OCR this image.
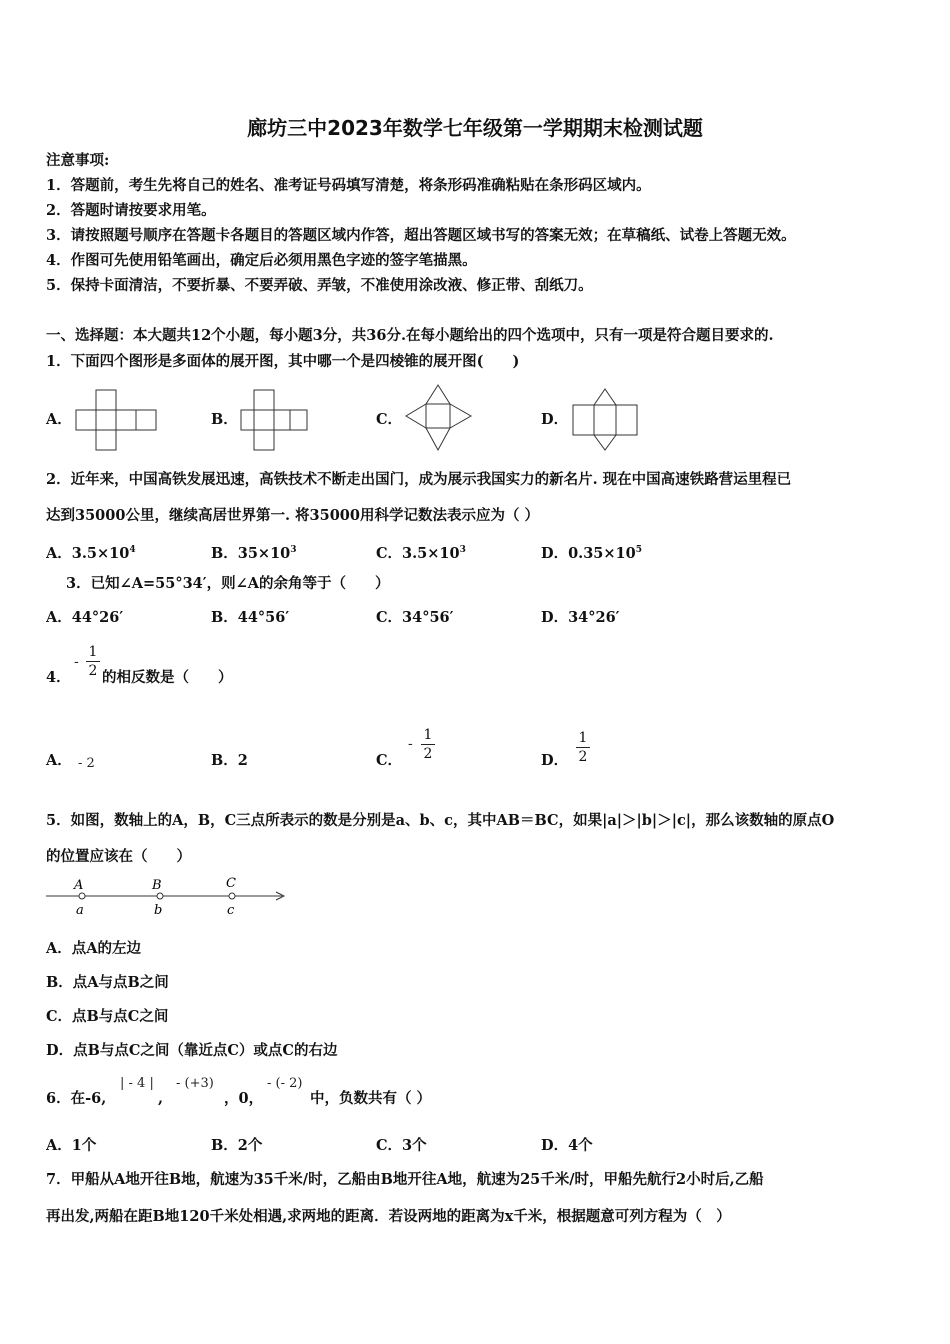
廊坊三中2023年数学七年级第一学期期末检测试题
注意事项:
1．答题前，考生先将自己的姓名、准考证号码填写清楚，将条形码准确粘贴在条形码区域内。
2．答题时请按要求用笔。
3．请按照题号顺序在答题卡各题目的答题区域内作答，超出答题区域书写的答案无效；在草稿纸、试卷上答题无效。
4．作图可先使用铅笔画出，确定后必须用黑色字迹的签字笔描黑。
5．保持卡面清洁，不要折暴、不要弄破、弄皱，不准使用涂改液、修正带、刮纸刀。
一、选择题：本大题共12个小题，每小题3分，共36分.在每小题给出的四个选项中，只有一项是符合题目要求的.
1．下面四个图形是多面体的展开图，其中哪一个是四棱锥的展开图(　　)
A．	B．	C．	D．
2．近年来，中国高铁发展迅速，高铁技术不断走出国门，成为展示我国实力的新名片. 现在中国高速铁路营运里程已
达到35000公里，继续高居世界第一. 将35000用科学记数法表示应为（ ）
A．$3.5\times 10^4$	B．$35\times 10^3$	C．$3.5\times 10^3$	D．$0.35\times 10^5$
3．已知∠A=55°34′，则∠A的余角等于（　　）
A．44°26′	B．44°56′	C．34°56′	D．34°26′
4．
-
1
2 的相反数是（　　）
A． - 2	B．2	C．
-
1
2	D．
1
2
5．如图，数轴上的A，B，C三点所表示的数是分别是a、b、c，其中AB＝BC，如果|a|＞|b|＞|c|，那么该数轴的原点O
的位置应该在（　　）
A	B	C
a	b	c
A．点A的左边
B．点A与点B之间
C．点B与点C之间
D．点B与点C之间（靠近点C）或点C的右边
6．在-6,
| - 4 |
,
- (+3)
，0，
- (- 2)
中，负数共有（ ）
A．1个	B．2个	C．3个	D．4个
7．甲船从A地开往B地，航速为35千米/时，乙船由B地开往A地，航速为25千米/时，甲船先航行2小时后,乙船
再出发,两船在距B地120千米处相遇,求两地的距离．若设两地的距离为x千米，根据题意可列方程为（　）
